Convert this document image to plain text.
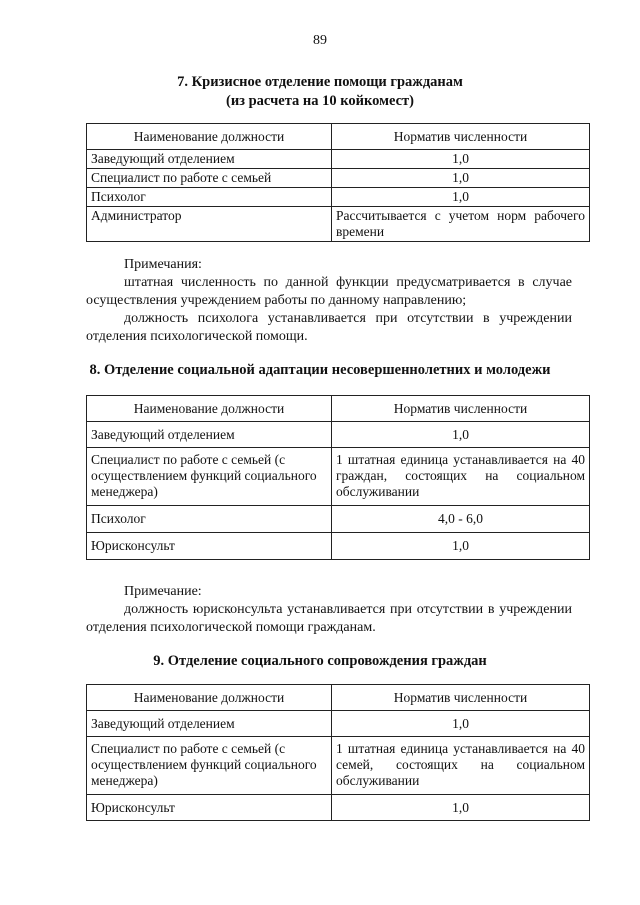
89
7. Кризисное отделение помощи гражданам
(из расчета на 10 койкомест)
Наименование должности	Норматив численности
Заведующий отделением	1,0
Специалист по работе с семьей	1,0
Психолог	1,0
Администратор	Рассчитывается с учетом норм рабочего времени

Примечания:

штатная численность по данной функции предусматривается в случае осуществления учреждением работы по данному направлению;

должность психолога устанавливается при отсутствии в учреждении отделения психологической помощи.

8. Отделение социальной адаптации несовершеннолетних и молодежи
Наименование должности	Норматив численности
Заведующий отделением	1,0
Специалист по работе с семьей (с осуществлением функций социального менеджера)	1 штатная единица устанавливается на 40 граждан, состоящих на социальном обслуживании
Психолог	4,0 - 6,0
Юрисконсульт	1,0

Примечание:

должность юрисконсульта устанавливается при отсутствии в учреждении отделения психологической помощи гражданам.

9. Отделение социального сопровождения граждан
Наименование должности	Норматив численности
Заведующий отделением	1,0
Специалист по работе с семьей (с осуществлением функций социального менеджера)	1 штатная единица устанавливается на 40 семей, состоящих на социальном обслуживании
Юрисконсульт	1,0
